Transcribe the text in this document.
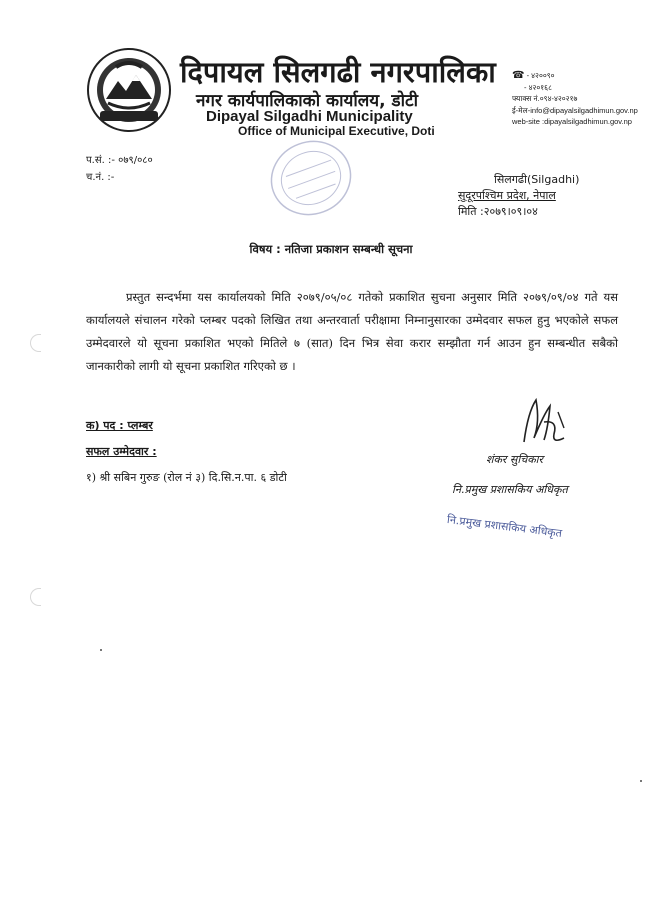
दिपायल सिलगढी नगरपालिका
नगर कार्यपालिकाको कार्यालय, डोटी
Dipayal Silgadhi Municipality
Office of Municipal Executive, Doti
☎ - ४२००९०
- ४२०१६८
फ्याक्स नं.०९४-४२०२१७
ई-मेल-info@dipayalsilgadhimun.gov.np
web-site :dipayalsilgadhimun.gov.np
प.सं. :- ०७९/०८०
च.नं. :-	सिलगढी(Silgadhi)
सुदूरपश्चिम प्रदेश, नेपाल
मिति :२०७९।०९।०४
विषय : नतिजा प्रकाशन सम्बन्धी सूचना
प्रस्तुत सन्दर्भमा यस कार्यालयको मिति २०७९/०५/०८ गतेको प्रकाशित सुचना अनुसार मिति २०७९/०९/०४ गते यस कार्यालयले संचालन गरेको प्लम्बर पदको लिखित तथा अन्तरवार्ता परीक्षामा निम्नानुसारका उम्मेदवार सफल हुनु भएकोले सफल उम्मेदवारले यो सूचना प्रकाशित भएको मितिले ७ (सात) दिन भित्र सेवा करार सम्झौता गर्न आउन हुन सम्बन्धीत सबैको जानकारीको लागी यो सूचना प्रकाशित गरिएको छ ।
क) पद : प्लम्बर
सफल उम्मेदवार :
१) श्री सबिन गुरुङ (रोल नं ३) दि.सि.न.पा. ६ डोटी
शंकर सुचिकार
नि.प्रमुख प्रशासकिय अधिकृत
नि.प्रमुख प्रशासकिय अधिकृत
